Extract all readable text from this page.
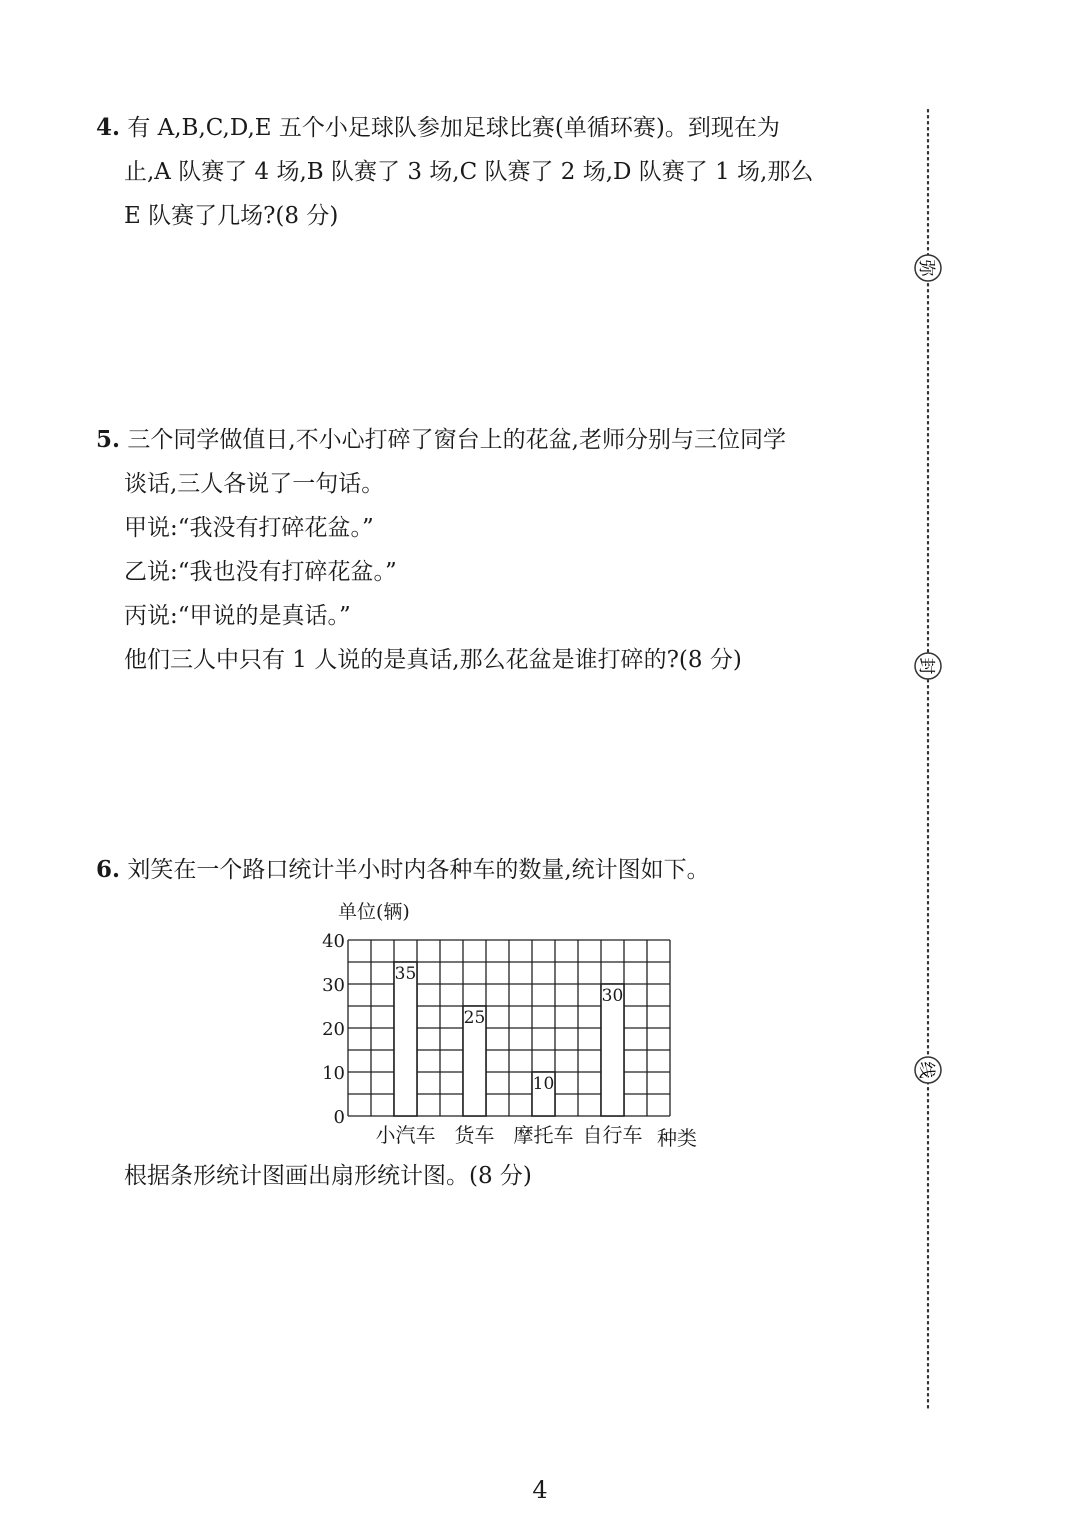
4. 有 A,B,C,D,E 五个小足球队参加足球比赛(单循环赛)。到现在为
止,A 队赛了 4 场,B 队赛了 3 场,C 队赛了 2 场,D 队赛了 1 场,那么
E 队赛了几场?(8 分)
5. 三个同学做值日,不小心打碎了窗台上的花盆,老师分别与三位同学
谈话,三人各说了一句话。
甲说:“我没有打碎花盆。”
乙说:“我也没有打碎花盆。”
丙说:“甲说的是真话。”
他们三人中只有 1 人说的是真话,那么花盆是谁打碎的?(8 分)
6. 刘笑在一个路口统计半小时内各种车的数量,统计图如下。
35
25
10
30
0
10
20
30
40
小汽车 货车 摩托车 自行车
单位(辆)
种类
根据条形统计图画出扇形统计图。(8 分)
弥
封
线
4
